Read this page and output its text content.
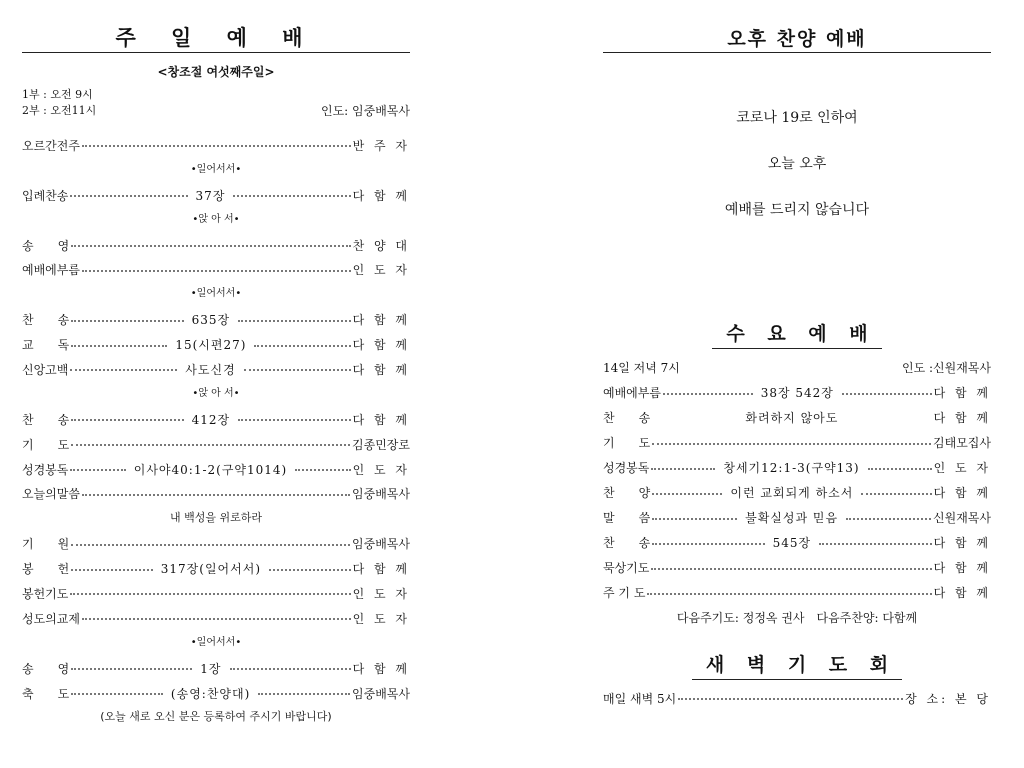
주 일 예 배
<창조절 여섯째주일>
1부 : 오전 9시
2부 : 오전11시	인도: 임중배목사
오르간전주	반 주 자
•일어서서•
입례찬송	37장	다 함 께
•앉 아 서•
송　　영	찬 양 대
예배에부름	인 도 자
•일어서서•
찬　　송	635장	다 함 께
교　　독	15(시편27)	다 함 께
신앙고백	사도신경	다 함 께
•앉 아 서•
찬　　송	412장	다 함 께
기　　도	김종민장로
성경봉독	이사야40:1-2(구약1014)	인 도 자
오늘의말씀	임중배목사
내 백성을 위로하라
기　　원	임중배목사
봉　　헌	317장(일어서서)	다 함 께
봉헌기도	인 도 자
성도의교제	인 도 자
•일어서서•
송　　영	1장	다 함 께
축　　도	(송영:찬양대)	임중배목사
(오늘 새로 오신 분은 등록하여 주시기 바랍니다)
오후 찬양 예배

코로나 19로 인하여

오늘 오후

예배를 드리지 않습니다

수 요 예 배
14일 저녁 7시	인도 :신원재목사
예배에부름	38장 542장	다 함 께
찬　　송	화려하지 않아도	다 함 께
기　　도	김태모집사
성경봉독	창세기12:1-3(구약13)	인 도 자
찬　　양	이런 교회되게 하소서	다 함 께
말　　씀	불확실성과 믿음	신원재목사
찬　　송	545장	다 함 께
묵상기도	다 함 께
주 기 도	다 함 께
다음주기도: 정정옥 권사　다음주찬양: 다함께
새 벽 기 도 회
매일 새벽 5시	장 소: 본 당
